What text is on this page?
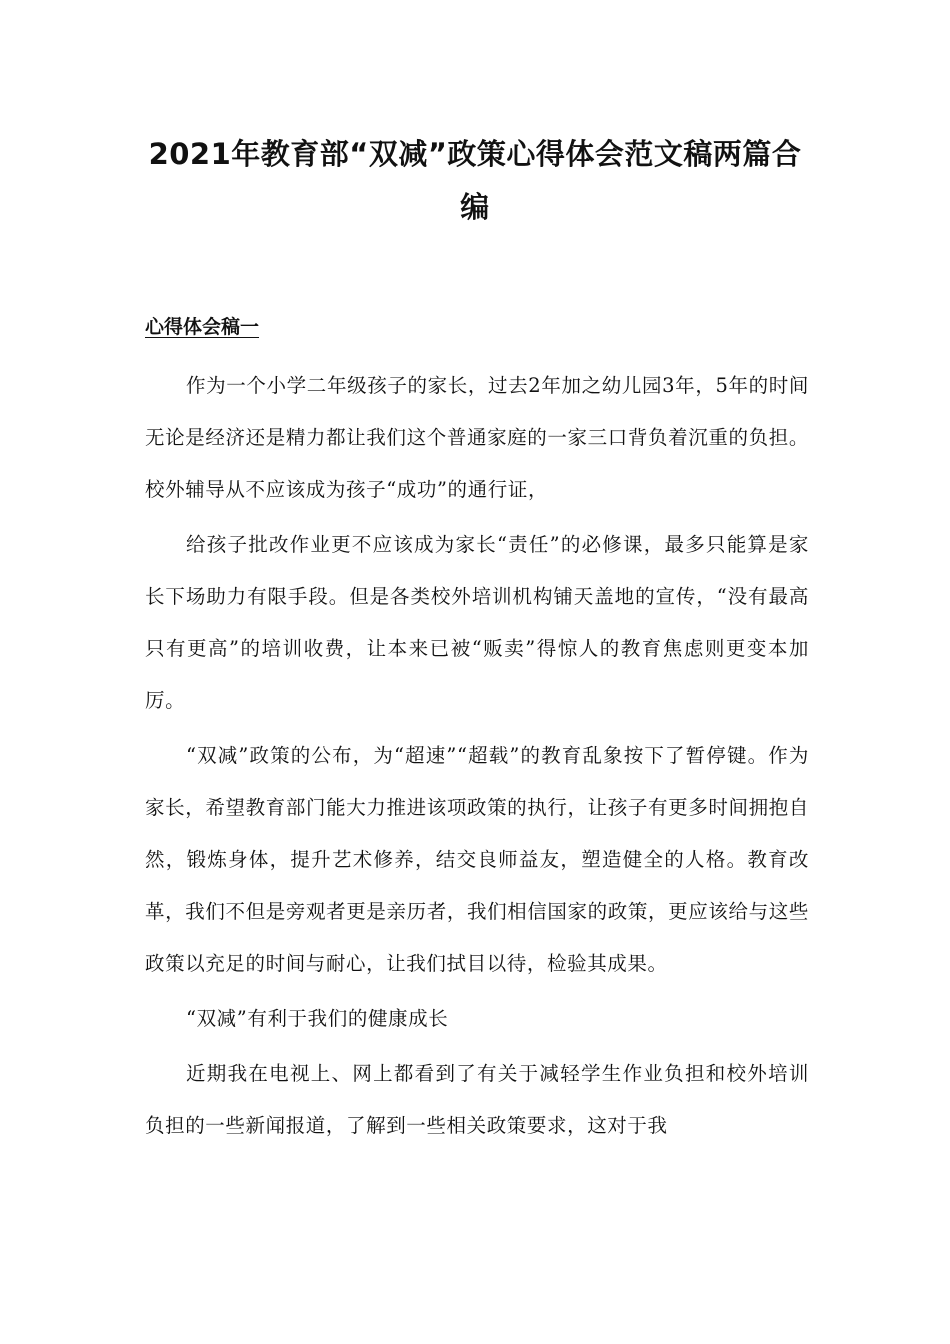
2021年教育部“双减”政策心得体会范文稿两篇合编
心得体会稿一

作为一个小学二年级孩子的家长，过去2年加之幼儿园3年，5年的时间无论是经济还是精力都让我们这个普通家庭的一家三口背负着沉重的负担。校外辅导从不应该成为孩子“成功”的通行证，

给孩子批改作业更不应该成为家长“责任”的必修课，最多只能算是家长下场助力有限手段。但是各类校外培训机构铺天盖地的宣传，“没有最高只有更高”的培训收费，让本来已被“贩卖”得惊人的教育焦虑则更变本加厉。

“双减”政策的公布，为“超速”“超载”的教育乱象按下了暂停键。作为家长，希望教育部门能大力推进该项政策的执行，让孩子有更多时间拥抱自然，锻炼身体，提升艺术修养，结交良师益友，塑造健全的人格。教育改革，我们不但是旁观者更是亲历者，我们相信国家的政策，更应该给与这些政策以充足的时间与耐心，让我们拭目以待，检验其成果。

“双减”有利于我们的健康成长

近期我在电视上、网上都看到了有关于减轻学生作业负担和校外培训负担的一些新闻报道，了解到一些相关政策要求，这对于我
